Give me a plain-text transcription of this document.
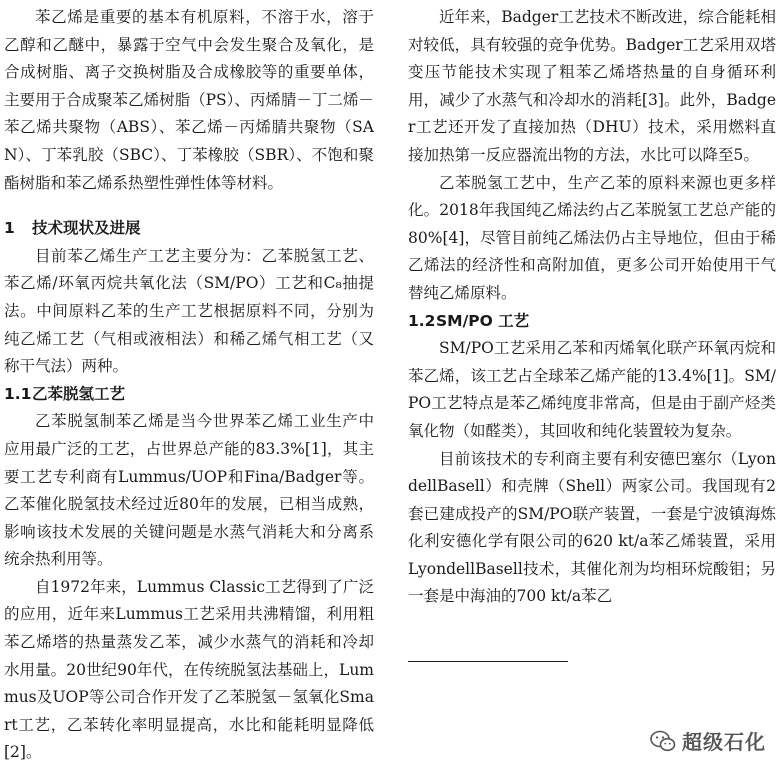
苯乙烯是重要的基本有机原料，不溶于水，溶于乙醇和乙醚中，暴露于空气中会发生聚合及氧化，是合成树脂、离子交换树脂及合成橡胶等的重要单体，主要用于合成聚苯乙烯树脂（PS）、丙烯腈－丁二烯－苯乙烯共聚物（ABS）、苯乙烯－丙烯腈共聚物（SAN）、丁苯乳胶（SBC）、丁苯橡胶（SBR）、不饱和聚酯树脂和苯乙烯系热塑性弹性体等材料。

1 技术现状及进展

目前苯乙烯生产工艺主要分为：乙苯脱氢工艺、苯乙烯/环氧丙烷共氧化法（SM/PO）工艺和C₈抽提法。中间原料乙苯的生产工艺根据原料不同，分别为纯乙烯工艺（气相或液相法）和稀乙烯气相工艺（又称干气法）两种。

1.1乙苯脱氢工艺

乙苯脱氢制苯乙烯是当今世界苯乙烯工业生产中应用最广泛的工艺，占世界总产能的83.3%[1]，其主要工艺专利商有Lummus/UOP和Fina/Badger等。乙苯催化脱氢技术经过近80年的发展，已相当成熟，影响该技术发展的关键问题是水蒸气消耗大和分离系统余热利用等。

自1972年来，Lummus Classic工艺得到了广泛的应用，近年来Lummus工艺采用共沸精馏，利用粗苯乙烯塔的热量蒸发乙苯，减少水蒸气的消耗和冷却水用量。20世纪90年代，在传统脱氢法基础上，Lummus及UOP等公司合作开发了乙苯脱氢－氢氧化Smart工艺，乙苯转化率明显提高，水比和能耗明显降低[2]。

近年来，Badger工艺技术不断改进，综合能耗相对较低，具有较强的竞争优势。Badger工艺采用双塔变压节能技术实现了粗苯乙烯塔热量的自身循环利用，减少了水蒸气和冷却水的消耗[3]。此外，Badger工艺还开发了直接加热（DHU）技术，采用燃料直接加热第一反应器流出物的方法，水比可以降至5。

乙苯脱氢工艺中，生产乙苯的原料来源也更多样化。2018年我国纯乙烯法约占乙苯脱氢工艺总产能的80%[4]，尽管目前纯乙烯法仍占主导地位，但由于稀乙烯法的经济性和高附加值，更多公司开始使用干气替纯乙烯原料。

1.2SM/PO 工艺

SM/PO工艺采用乙苯和丙烯氧化联产环氧丙烷和苯乙烯，该工艺占全球苯乙烯产能的13.4%[1]。SM/PO工艺特点是苯乙烯纯度非常高，但是由于副产烃类氧化物（如醛类），其回收和纯化装置较为复杂。

目前该技术的专利商主要有利安德巴塞尔（LyondellBasell）和壳牌（Shell）两家公司。我国现有2套已建成投产的SM/PO联产装置，一套是宁波镇海炼化利安德化学有限公司的620 kt/a苯乙烯装置，采用LyondellBasell技术，其催化剂为均相环烷酸钼；另一套是中海油的700 kt/a苯乙

超级石化
